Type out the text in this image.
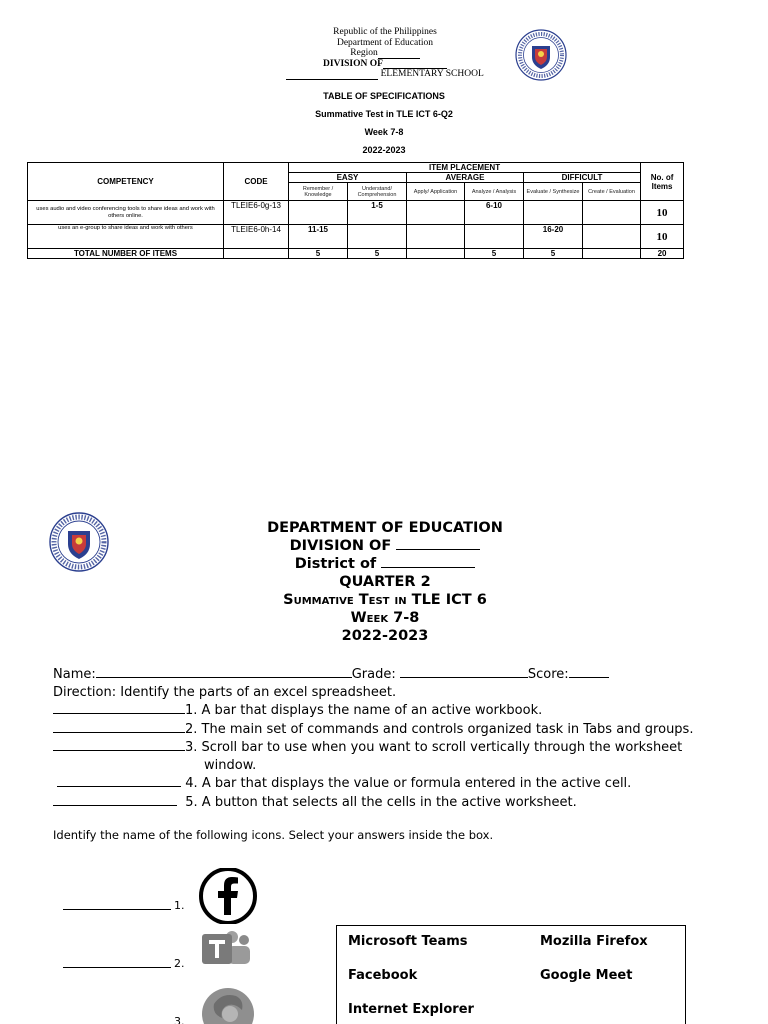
Republic of the Philippines
Department of Education
Region
DIVISION OF
ELEMENTARY SCHOOL
TABLE OF SPECIFICATIONS
Summative Test in TLE ICT 6-Q2
Week 7-8
2022-2023
COMPETENCY	CODE	ITEM PLACEMENT						No. of Items
		EASY		AVERAGE		DIFFICULT		
		Remember / Knowledge	Understand/ Comprehension	Apply/ Application	Analyze / Analysis	Evaluate / Synthesize	Create / Evaluation	
uses audio and video conferencing tools to share ideas and work with others online.	TLEIE6-0g-13		1-5		6-10			10
uses an e-group to share ideas and work with others	TLEIE6-0h-14	11-15				16-20		10
TOTAL NUMBER OF ITEMS		5	5		5	5		20
DEPARTMENT OF EDUCATION
DIVISION OF
District of
QUARTER 2
Summative Test in TLE ICT 6
Week 7-8
2022-2023
Name:	Grade:	Score:
Direction: Identify the parts of an excel spreadsheet.
1. A bar that displays the name of an active workbook.
2. The main set of commands and controls organized task in Tabs and groups.
3. Scroll bar to use when you want to scroll vertically through the worksheet
window.
4. A bar that displays the value or formula entered in the active cell.
5. A button that selects all the cells in the active worksheet.
Identify the name of the following icons. Select your answers inside the box.
1.
2.
3.
Microsoft Teams	Mozilla Firefox
Facebook	Google Meet
Internet Explorer
